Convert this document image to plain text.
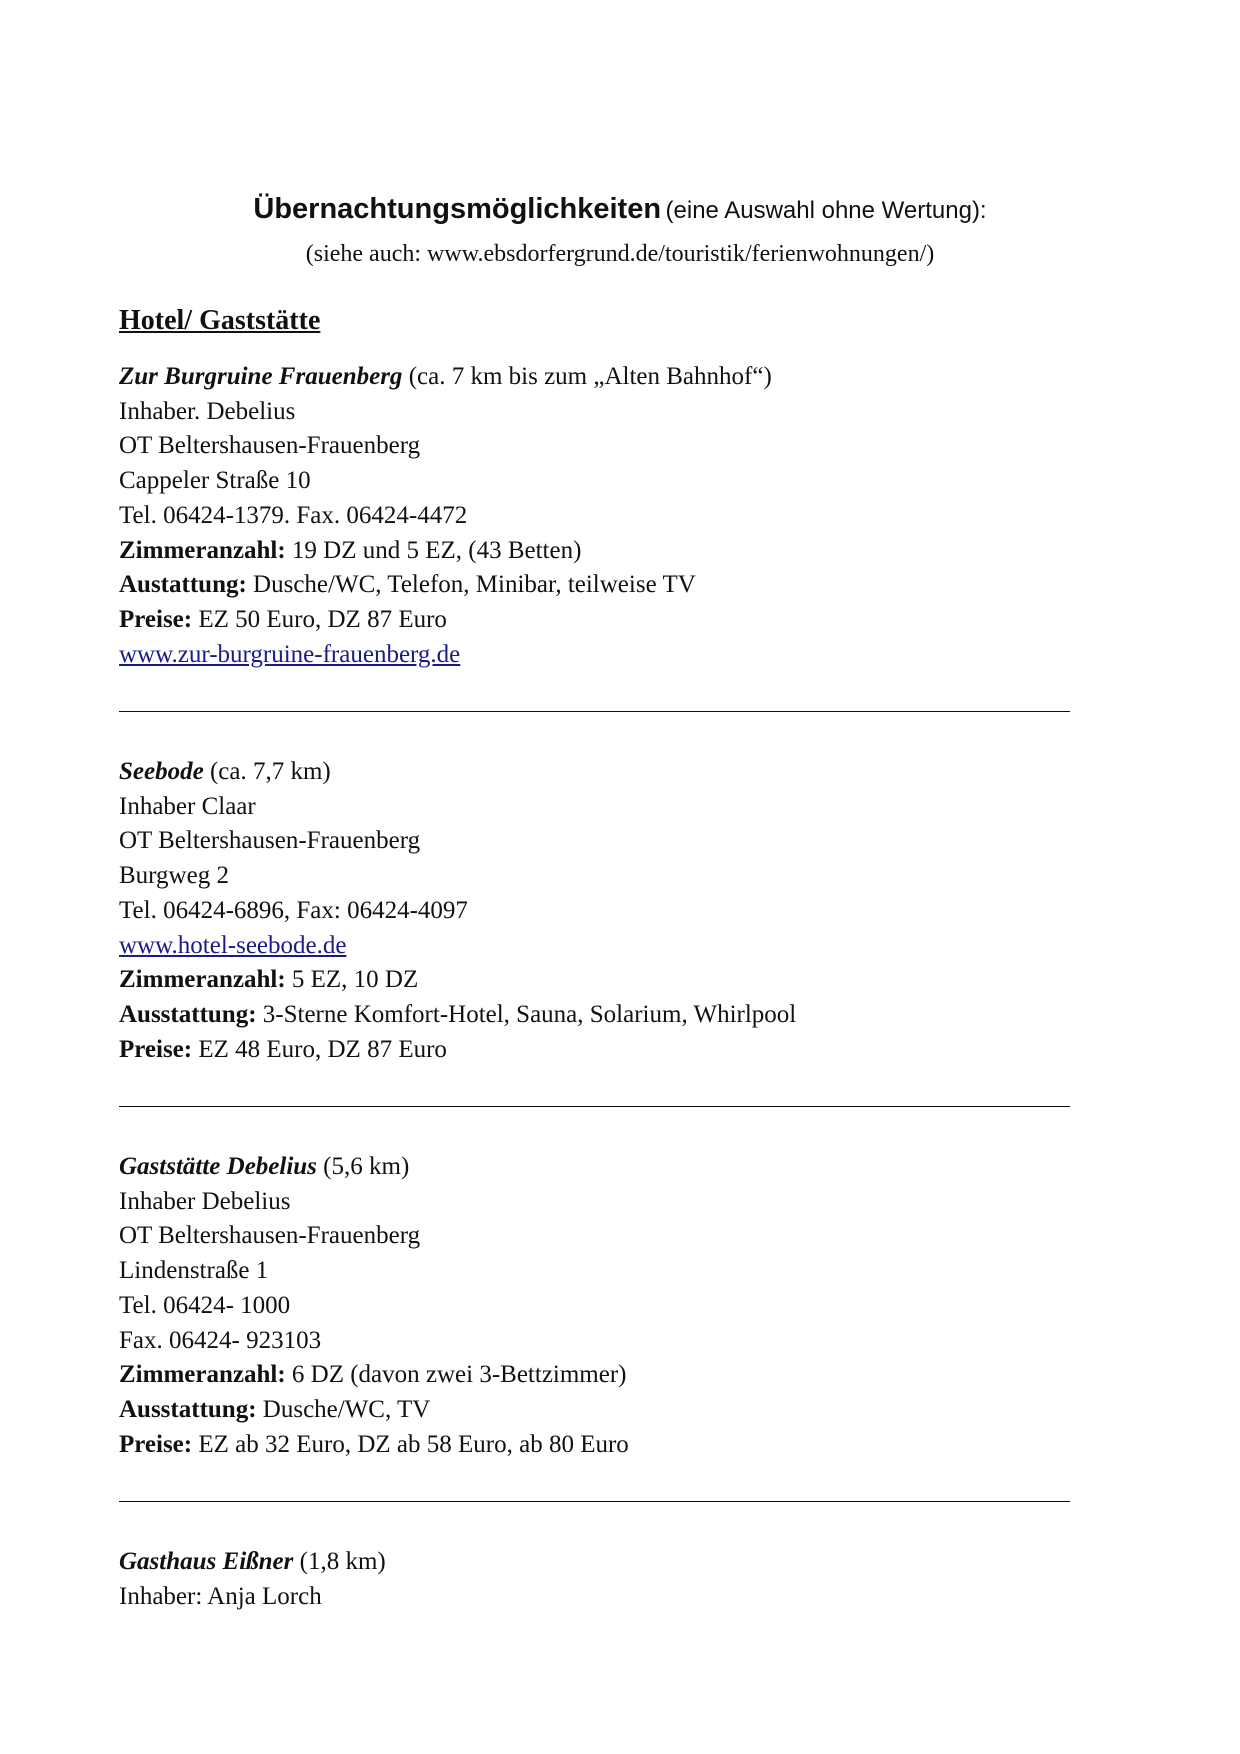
Übernachtungsmöglichkeiten (eine Auswahl ohne Wertung):
(siehe auch: www.ebsdorfergrund.de/touristik/ferienwohnungen/)
Hotel/ Gaststätte
Zur Burgruine Frauenberg (ca. 7 km bis zum „Alten Bahnhof“)
Inhaber. Debelius
OT Beltershausen-Frauenberg
Cappeler Straße 10
Tel. 06424-1379. Fax. 06424-4472
Zimmeranzahl: 19 DZ und 5 EZ, (43 Betten)
Austattung: Dusche/WC, Telefon, Minibar, teilweise TV
Preise: EZ 50 Euro, DZ 87 Euro
www.zur-burgruine-frauenberg.de
——————————————————————————————————————————————————
Seebode (ca. 7,7 km)
Inhaber Claar
OT Beltershausen-Frauenberg
Burgweg 2
Tel. 06424-6896, Fax: 06424-4097
www.hotel-seebode.de
Zimmeranzahl: 5 EZ, 10 DZ
Ausstattung: 3-Sterne Komfort-Hotel, Sauna, Solarium, Whirlpool
Preise: EZ 48 Euro, DZ 87 Euro
——————————————————————————————————————————————————
Gaststätte Debelius (5,6 km)
Inhaber Debelius
OT Beltershausen-Frauenberg
Lindenstraße 1
Tel. 06424- 1000
Fax. 06424- 923103
Zimmeranzahl: 6 DZ (davon zwei 3-Bettzimmer)
Ausstattung: Dusche/WC, TV
Preise: EZ ab 32 Euro, DZ ab 58 Euro, ab 80 Euro
——————————————————————————————————————————————————
Gasthaus Eißner (1,8 km)
Inhaber: Anja Lorch
